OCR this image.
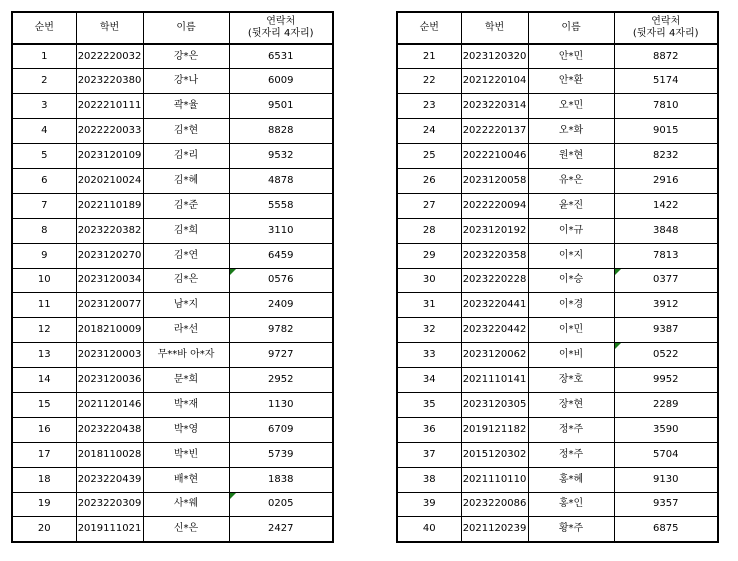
순번	학번	이름	연락처
(뒷자리 4자리)

1	2022220032	강*은	6531
2	2023220380	강*나	6009
3	2022210111	곽*율	9501
4	2022220033	김*현	8828
5	2023120109	김*리	9532
6	2020210024	김*혜	4878
7	2022110189	김*준	5558
8	2023220382	김*희	3110
9	2023120270	김*연	6459
10	2023120034	김*은	0576
11	2023120077	남*지	2409
12	2018210009	라*선	9782
13	2023120003	무**바 아*자	9727
14	2023120036	문*희	2952
15	2021120146	박*재	1130
16	2023220438	박*영	6709
17	2018110028	박*빈	5739
18	2023220439	배*현	1838
19	2023220309	사*웨	0205
20	2019111021	신*은	2427
순번	학번	이름	연락처
(뒷자리 4자리)

21	2023120320	안*민	8872
22	2021220104	안*환	5174
23	2023220314	오*민	7810
24	2022220137	오*화	9015
25	2022210046	원*현	8232
26	2023120058	유*은	2916
27	2022220094	윤*진	1422
28	2023120192	이*규	3848
29	2023220358	이*지	7813
30	2023220228	이*승	0377
31	2023220441	이*경	3912
32	2023220442	이*민	9387
33	2023120062	이*비	0522
34	2021110141	장*호	9952
35	2023120305	장*현	2289
36	2019121182	정*주	3590
37	2015120302	정*주	5704
38	2021110110	홍*혜	9130
39	2023220086	홍*인	9357
40	2021120239	황*주	6875
